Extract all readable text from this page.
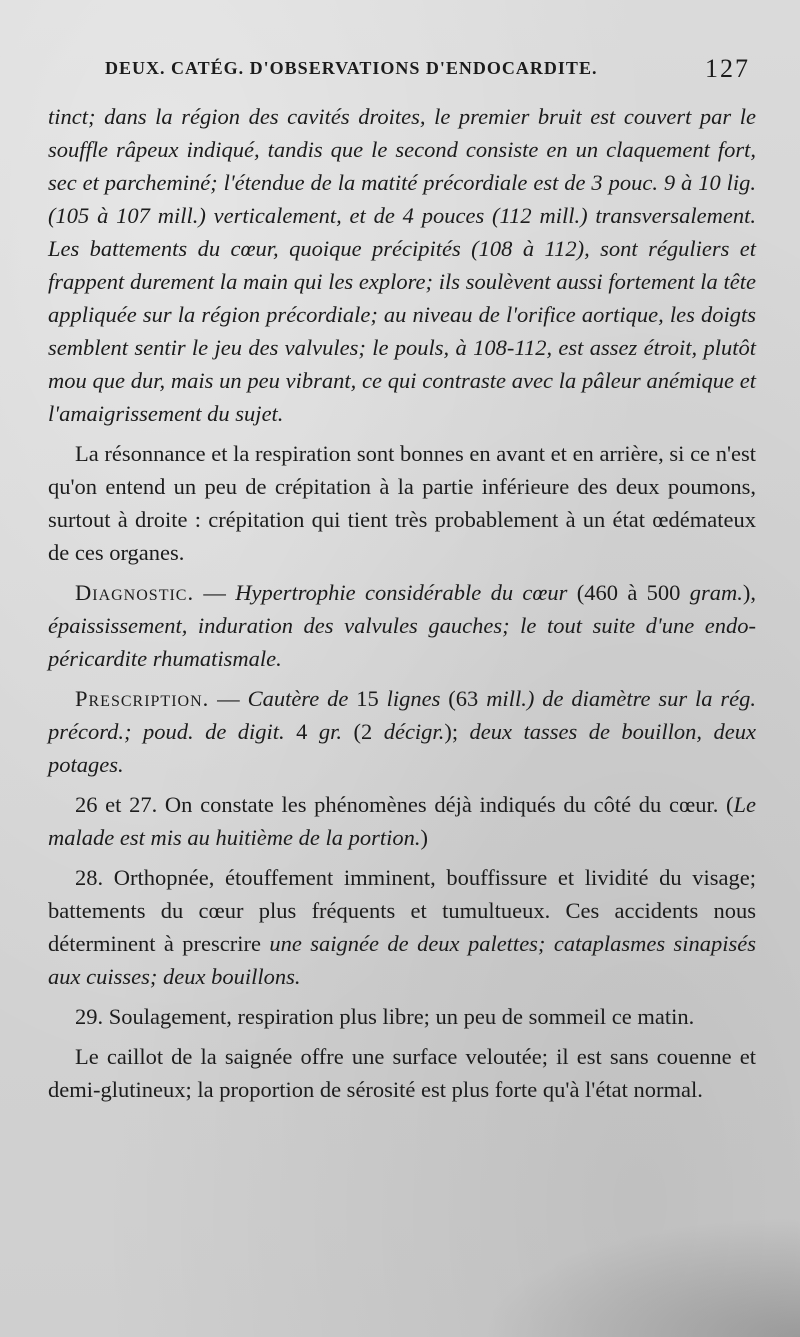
DEUX. CATÉG. D'OBSERVATIONS D'ENDOCARDITE.	127

tinct; dans la région des cavités droites, le premier bruit est couvert par le souffle râpeux indiqué, tandis que le second consiste en un claquement fort, sec et parcheminé; l'étendue de la matité précordiale est de 3 pouc. 9 à 10 lig. (105 à 107 mill.) verticalement, et de 4 pouces (112 mill.) transversalement. Les battements du cœur, quoique précipités (108 à 112), sont réguliers et frappent durement la main qui les explore; ils soulèvent aussi fortement la tête appliquée sur la région précordiale; au niveau de l'orifice aortique, les doigts semblent sentir le jeu des valvules; le pouls, à 108-112, est assez étroit, plutôt mou que dur, mais un peu vibrant, ce qui contraste avec la pâleur anémique et l'amaigrissement du sujet.

La résonnance et la respiration sont bonnes en avant et en arrière, si ce n'est qu'on entend un peu de crépitation à la partie inférieure des deux poumons, surtout à droite : crépitation qui tient très probablement à un état œdémateux de ces organes.

Diagnostic. — Hypertrophie considérable du cœur (460 à 500 gram.), épaississement, induration des valvules gauches; le tout suite d'une endo-péricardite rhumatismale.

Prescription. — Cautère de 15 lignes (63 mill.) de diamètre sur la rég. précord.; poud. de digit. 4 gr. (2 décigr.); deux tasses de bouillon, deux potages.

26 et 27. On constate les phénomènes déjà indiqués du côté du cœur. (Le malade est mis au huitième de la portion.)

28. Orthopnée, étouffement imminent, bouffissure et lividité du visage; battements du cœur plus fréquents et tumultueux. Ces accidents nous déterminent à prescrire une saignée de deux palettes; cataplasmes sinapisés aux cuisses; deux bouillons.

29. Soulagement, respiration plus libre; un peu de sommeil ce matin.

Le caillot de la saignée offre une surface veloutée; il est sans couenne et demi-glutineux; la proportion de sérosité est plus forte qu'à l'état normal.
